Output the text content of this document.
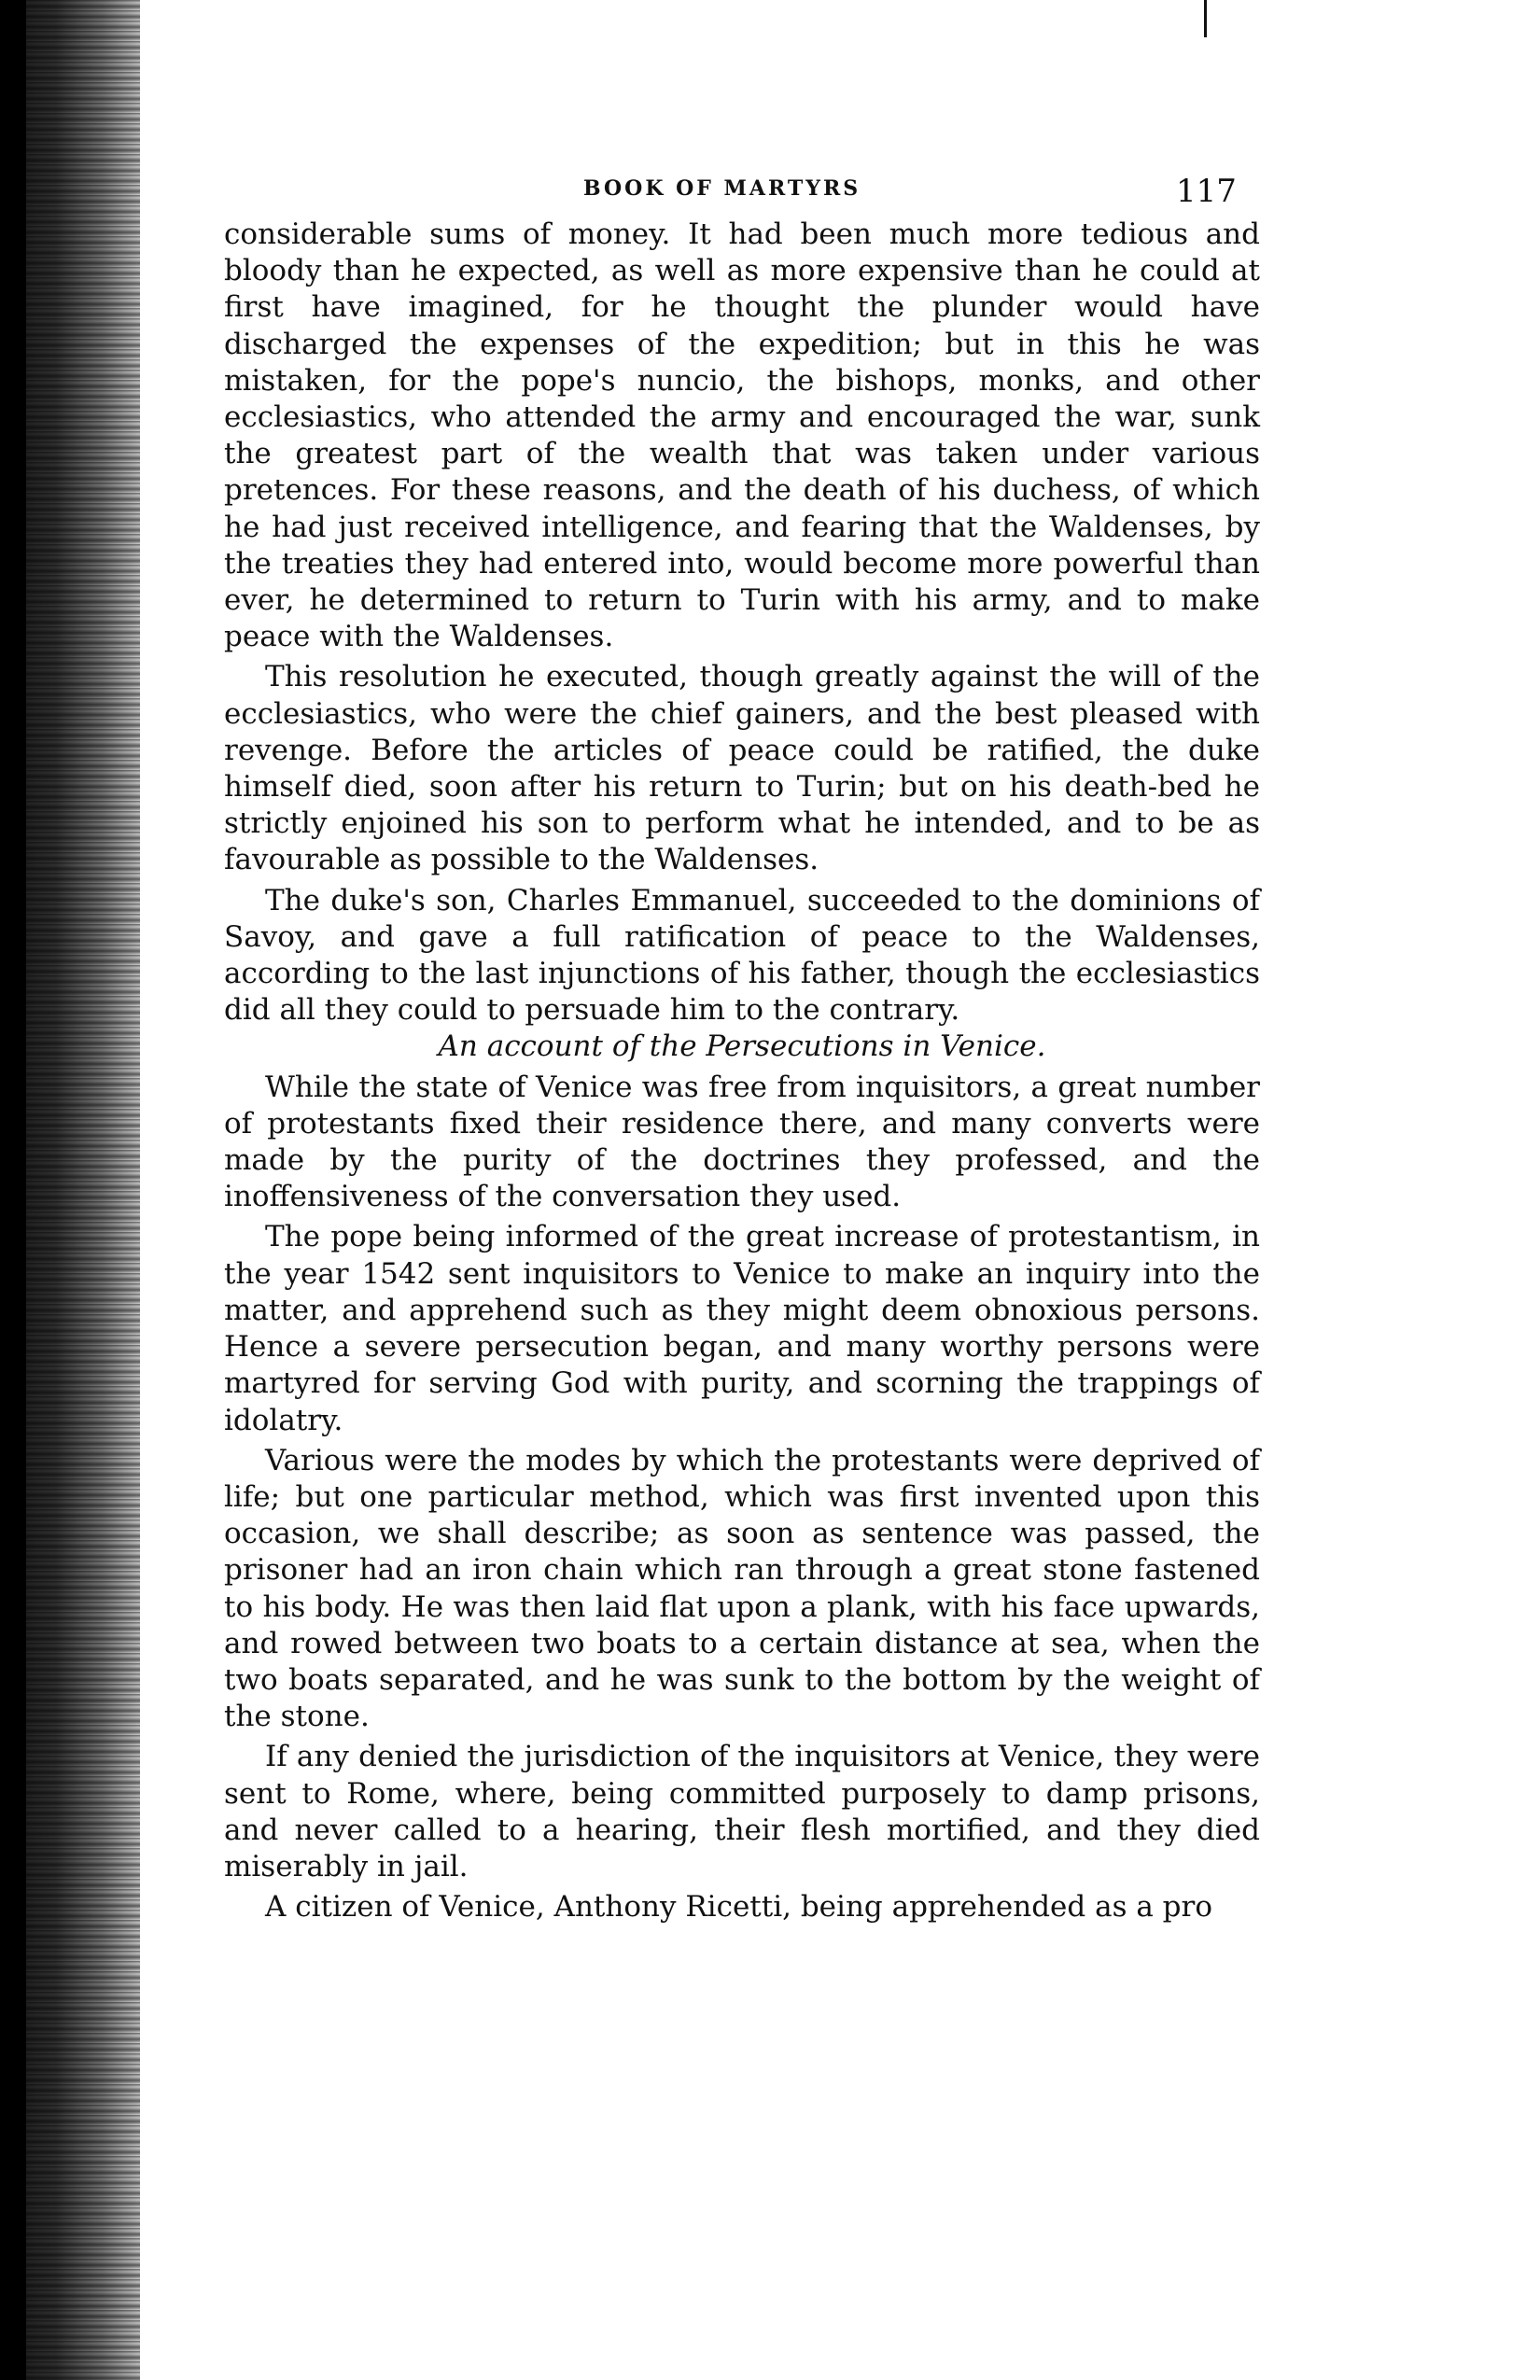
BOOK OF MARTYRS	117

considerable sums of money. It had been much more tedious and bloody than he expected, as well as more expensive than he could at first have imagined, for he thought the plunder would have discharged the expenses of the expedition; but in this he was mistaken, for the pope's nuncio, the bishops, monks, and other ecclesiastics, who attended the army and encouraged the war, sunk the greatest part of the wealth that was taken under various pretences. For these reasons, and the death of his duchess, of which he had just received intelligence, and fearing that the Waldenses, by the treaties they had entered into, would become more powerful than ever, he determined to return to Turin with his army, and to make peace with the Waldenses.

This resolution he executed, though greatly against the will of the ecclesiastics, who were the chief gainers, and the best pleased with revenge. Before the articles of peace could be ratified, the duke himself died, soon after his return to Turin; but on his death-bed he strictly enjoined his son to perform what he intended, and to be as favourable as possible to the Waldenses.

The duke's son, Charles Emmanuel, succeeded to the dominions of Savoy, and gave a full ratification of peace to the Waldenses, according to the last injunctions of his father, though the ecclesiastics did all they could to persuade him to the contrary.

An account of the Persecutions in Venice.

While the state of Venice was free from inquisitors, a great number of protestants fixed their residence there, and many converts were made by the purity of the doctrines they professed, and the inoffensiveness of the conversation they used.

The pope being informed of the great increase of protestantism, in the year 1542 sent inquisitors to Venice to make an inquiry into the matter, and apprehend such as they might deem obnoxious persons. Hence a severe persecution began, and many worthy persons were martyred for serving God with purity, and scorning the trappings of idolatry.

Various were the modes by which the protestants were deprived of life; but one particular method, which was first invented upon this occasion, we shall describe; as soon as sentence was passed, the prisoner had an iron chain which ran through a great stone fastened to his body. He was then laid flat upon a plank, with his face upwards, and rowed between two boats to a certain distance at sea, when the two boats separated, and he was sunk to the bottom by the weight of the stone.

If any denied the jurisdiction of the inquisitors at Venice, they were sent to Rome, where, being committed purposely to damp prisons, and never called to a hearing, their flesh mortified, and they died miserably in jail.

A citizen of Venice, Anthony Ricetti, being apprehended as a pro
